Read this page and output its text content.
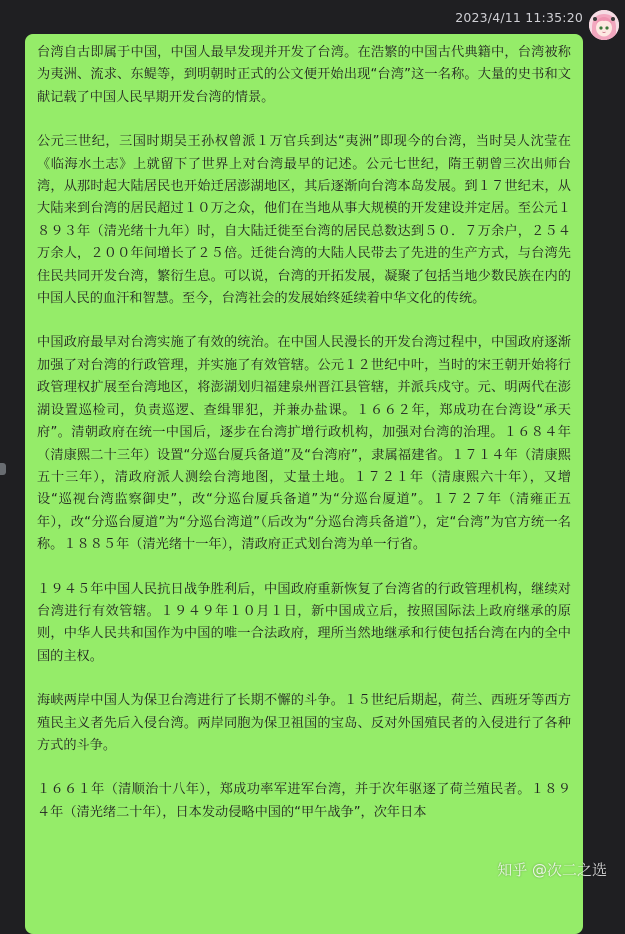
2023/4/11 11:35:20

台湾自古即属于中国，中国人最早发现并开发了台湾。在浩繁的中国古代典籍中，台湾被称为夷洲、流求、东鳀等，到明朝时正式的公文便开始出现“台湾”这一名称。大量的史书和文献记载了中国人民早期开发台湾的情景。

公元三世纪，三国时期吴王孙权曾派１万官兵到达“夷洲”即现今的台湾，当时吴人沈莹在《临海水土志》上就留下了世界上对台湾最早的记述。公元七世纪，隋王朝曾三次出师台湾，从那时起大陆居民也开始迁居澎湖地区，其后逐渐向台湾本岛发展。到１７世纪末，从大陆来到台湾的居民超过１０万之众，他们在当地从事大规模的开发建设并定居。至公元１８９３年（清光绪十九年）时，自大陆迁徙至台湾的居民总数达到５０．７万余户，２５４万余人，２００年间增长了２５倍。迁徙台湾的大陆人民带去了先进的生产方式，与台湾先住民共同开发台湾，繁衍生息。可以说，台湾的开拓发展，凝聚了包括当地少数民族在内的中国人民的血汗和智慧。至今，台湾社会的发展始终延续着中华文化的传统。

中国政府最早对台湾实施了有效的统治。在中国人民漫长的开发台湾过程中，中国政府逐渐加强了对台湾的行政管理，并实施了有效管辖。公元１２世纪中叶，当时的宋王朝开始将行政管理权扩展至台湾地区，将澎湖划归福建泉州晋江县管辖，并派兵戍守。元、明两代在澎湖设置巡检司，负责巡逻、查缉罪犯，并兼办盐课。１６６２年，郑成功在台湾设“承天府”。清朝政府在统一中国后，逐步在台湾扩增行政机构，加强对台湾的治理。１６８４年（清康熙二十三年）设置“分巡台厦兵备道”及“台湾府”，隶属福建省。１７１４年（清康熙五十三年），清政府派人测绘台湾地图，丈量土地。１７２１年（清康熙六十年），又增设“巡视台湾监察御史”，改“分巡台厦兵备道”为“分巡台厦道”。１７２７年（清雍正五年），改“分巡台厦道”为“分巡台湾道”（后改为“分巡台湾兵备道”），定“台湾”为官方统一名称。１８８５年（清光绪十一年），清政府正式划台湾为单一行省。

１９４５年中国人民抗日战争胜利后，中国政府重新恢复了台湾省的行政管理机构，继续对台湾进行有效管辖。１９４９年１０月１日，新中国成立后，按照国际法上政府继承的原则，中华人民共和国作为中国的唯一合法政府，理所当然地继承和行使包括台湾在内的全中国的主权。

海峡两岸中国人为保卫台湾进行了长期不懈的斗争。１５世纪后期起，荷兰、西班牙等西方殖民主义者先后入侵台湾。两岸同胞为保卫祖国的宝岛、反对外国殖民者的入侵进行了各种方式的斗争。

１６６１年（清顺治十八年），郑成功率军进军台湾，并于次年驱逐了荷兰殖民者。１８９４年（清光绪二十年），日本发动侵略中国的“甲午战争”，次年日本

知乎 @次二之选
